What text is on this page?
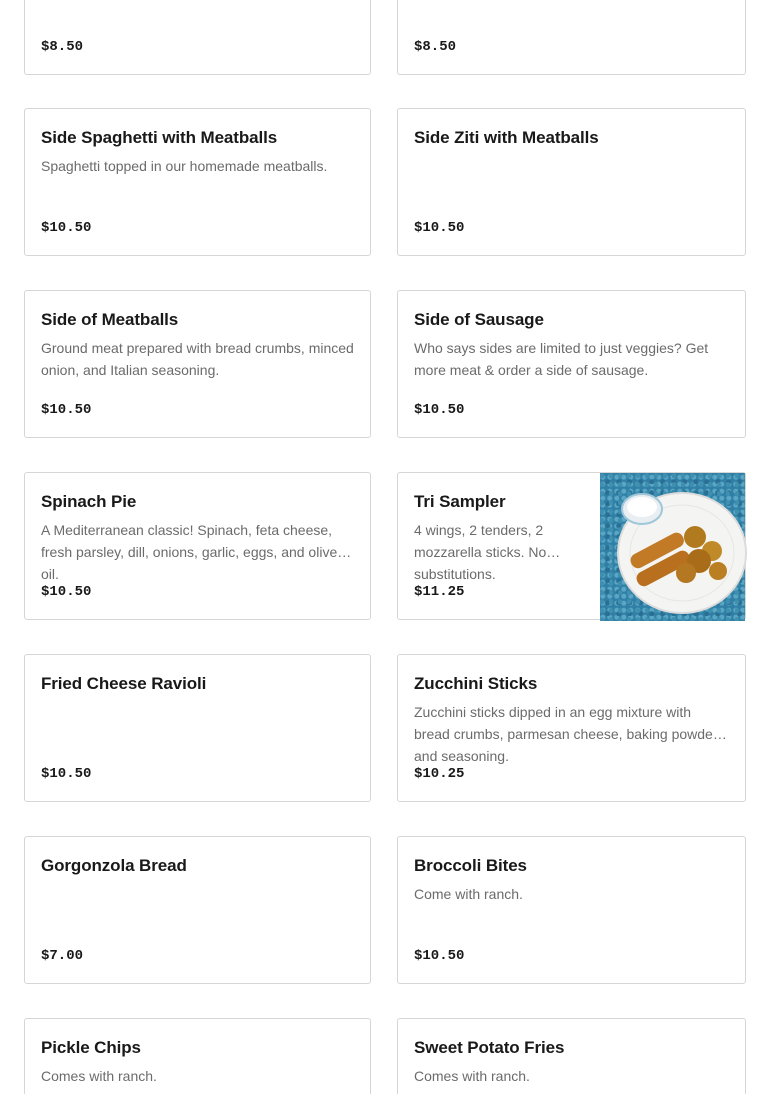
$8.50	$8.50
Side Spaghetti with Meatballs
Spaghetti topped in our homemade meatballs.
$10.50
Side Ziti with Meatballs
$10.50
Side of Meatballs
Ground meat prepared with bread crumbs, minced onion, and Italian seasoning.
$10.50
Side of Sausage
Who says sides are limited to just veggies? Get more meat & order a side of sausage.
$10.50
Spinach Pie
A Mediterranean classic! Spinach, feta cheese, fresh parsley, dill, onions, garlic, eggs, and olive oil.
$10.50
Tri Sampler
4 wings, 2 tenders, 2 mozzarella sticks. No substitutions.
$11.25
Fried Cheese Ravioli
$10.50
Zucchini Sticks
Zucchini sticks dipped in an egg mixture with bread crumbs, parmesan cheese, baking powder and seasoning.
$10.25
Gorgonzola Bread
$7.00
Broccoli Bites
Come with ranch.
$10.50
Pickle Chips
Comes with ranch.
Sweet Potato Fries
Comes with ranch.
